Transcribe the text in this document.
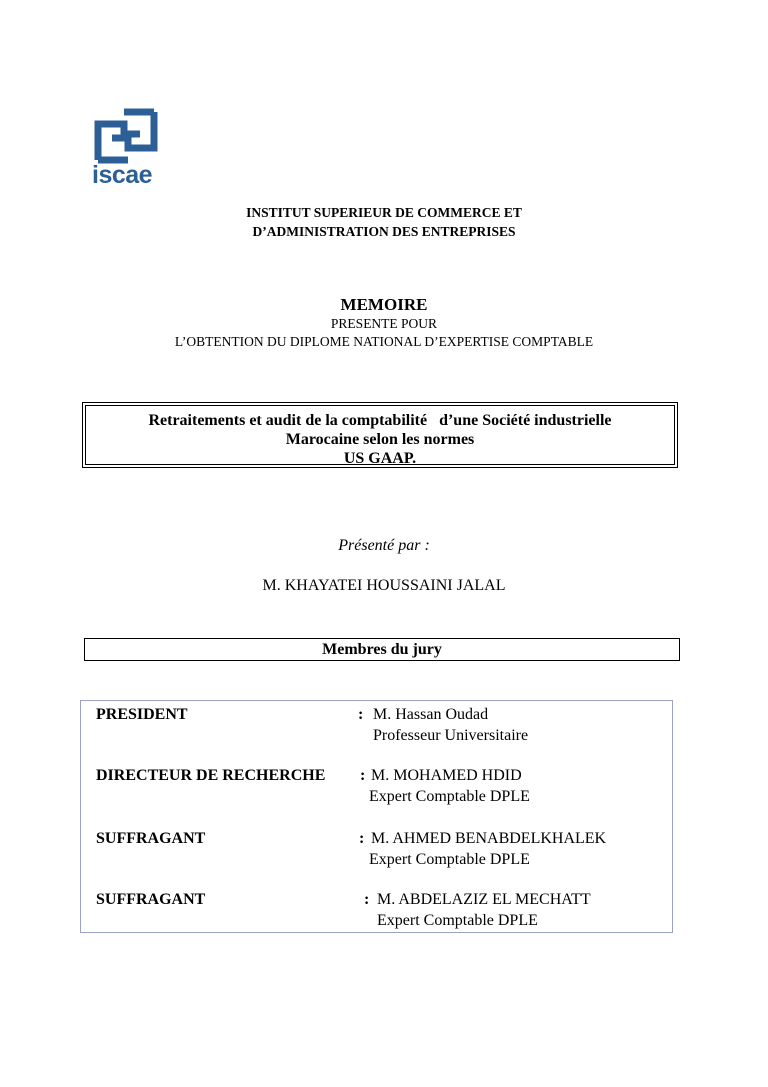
iscae
INSTITUT SUPERIEUR DE COMMERCE ET
D’ADMINISTRATION DES ENTREPRISES
MEMOIRE
PRESENTE POUR
L’OBTENTION DU DIPLOME NATIONAL D’EXPERTISE COMPTABLE
Retraitements et audit de la comptabilité   d’une Société industrielle
Marocaine selon les normes
US GAAP.
Présenté par :
M. KHAYATEI HOUSSAINI JALAL
Membres du jury
PRESIDENT	: M. Hassan Oudad
Professeur Universitaire
DIRECTEUR DE RECHERCHE : M. MOHAMED HDID
Expert Comptable DPLE
SUFFRAGANT	: M. AHMED BENABDELKHALEK
Expert Comptable DPLE
SUFFRAGANT	: M. ABDELAZIZ EL MECHATT
Expert Comptable DPLE
